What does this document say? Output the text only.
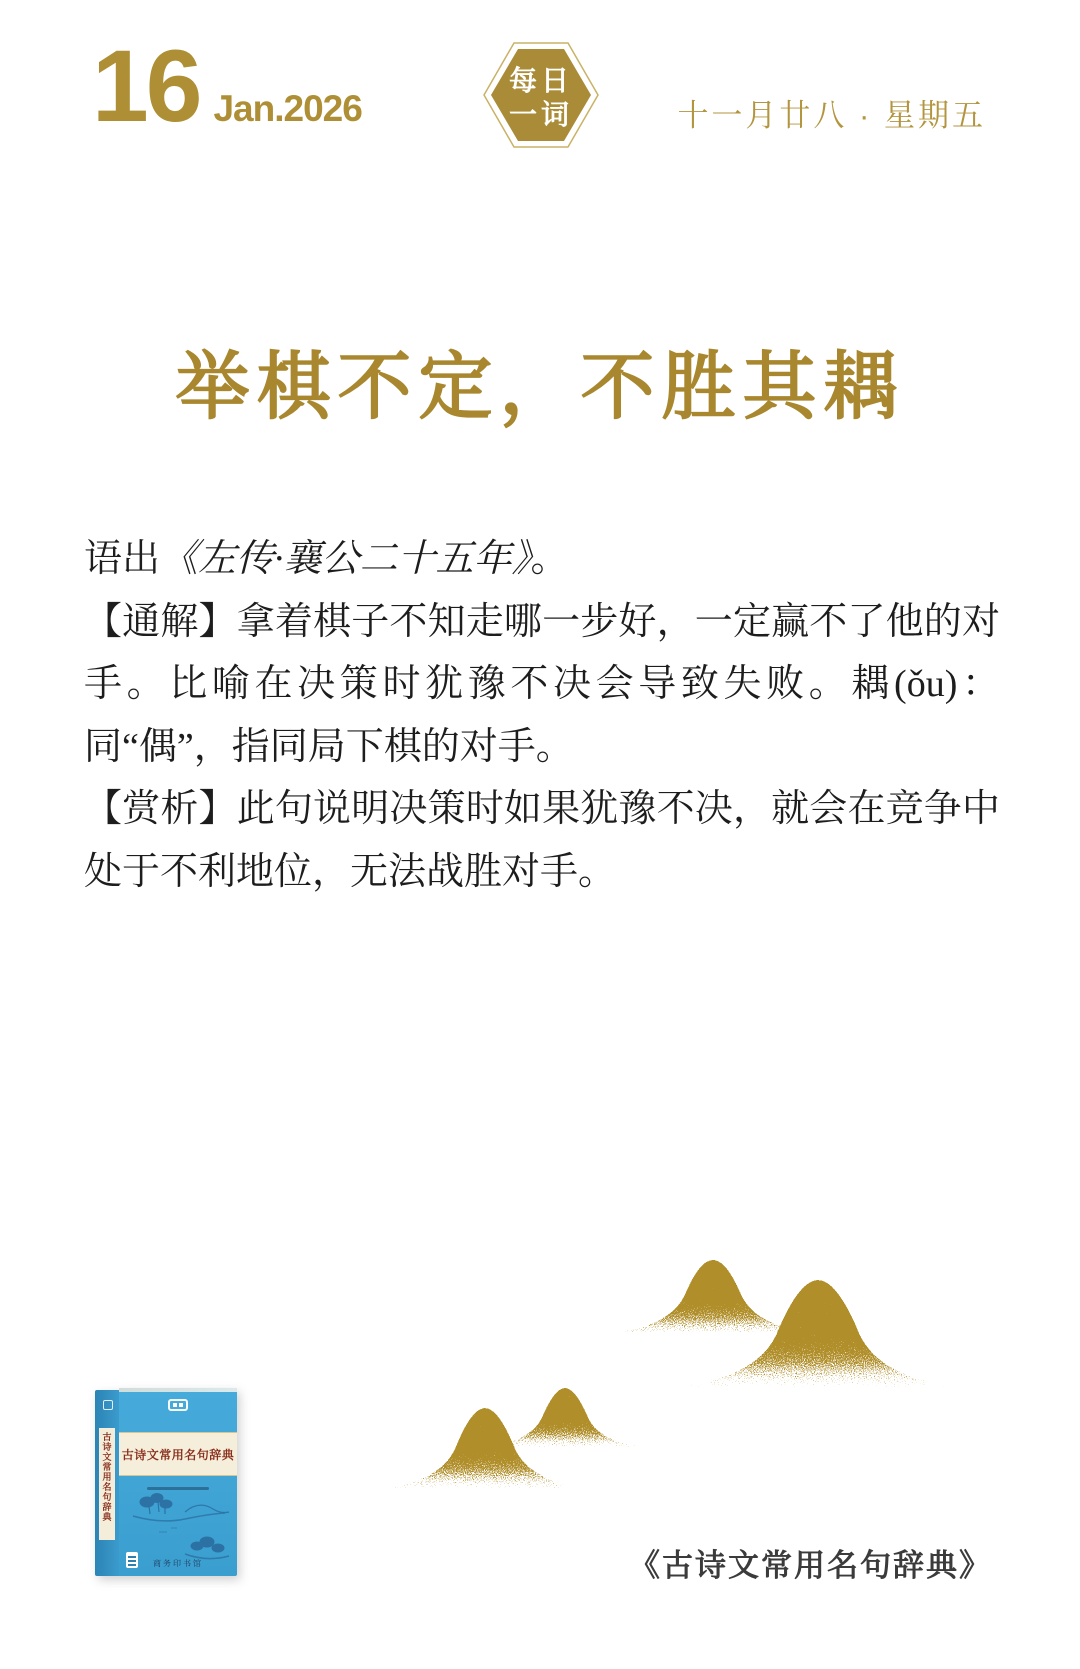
16 Jan.2026
每日
一词	十一月廿八 · 星期五
举棋不定，不胜其耦

语出《左传·襄公二十五年》。

【通解】拿着棋子不知走哪一步好，一定赢不了他的对手。比喻在决策时犹豫不决会导致失败。耦(ǒu)：同“偶”，指同局下棋的对手。

【赏析】此句说明决策时如果犹豫不决，就会在竞争中处于不利地位，无法战胜对手。

古诗文常用名句辞典 古诗文常用名句辞典
商务印书馆	《古诗文常用名句辞典》
